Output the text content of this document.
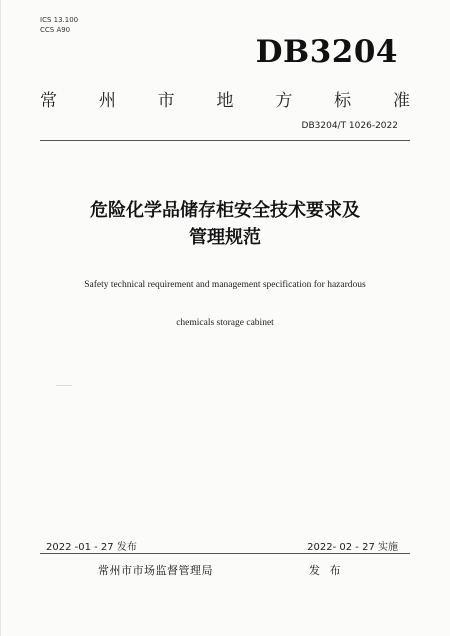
ICS 13.100
CCS A90
DB3204
常 州 市 地 方 标 准
DB3204/T 1026-2022
危险化学品储存柜安全技术要求及
管理规范
Safety technical requirement and management specification for hazardous
chemicals storage cabinet
2022 -01 - 27 发布	2022- 02 - 27 实施
常州市市场监督管理局	发 布
